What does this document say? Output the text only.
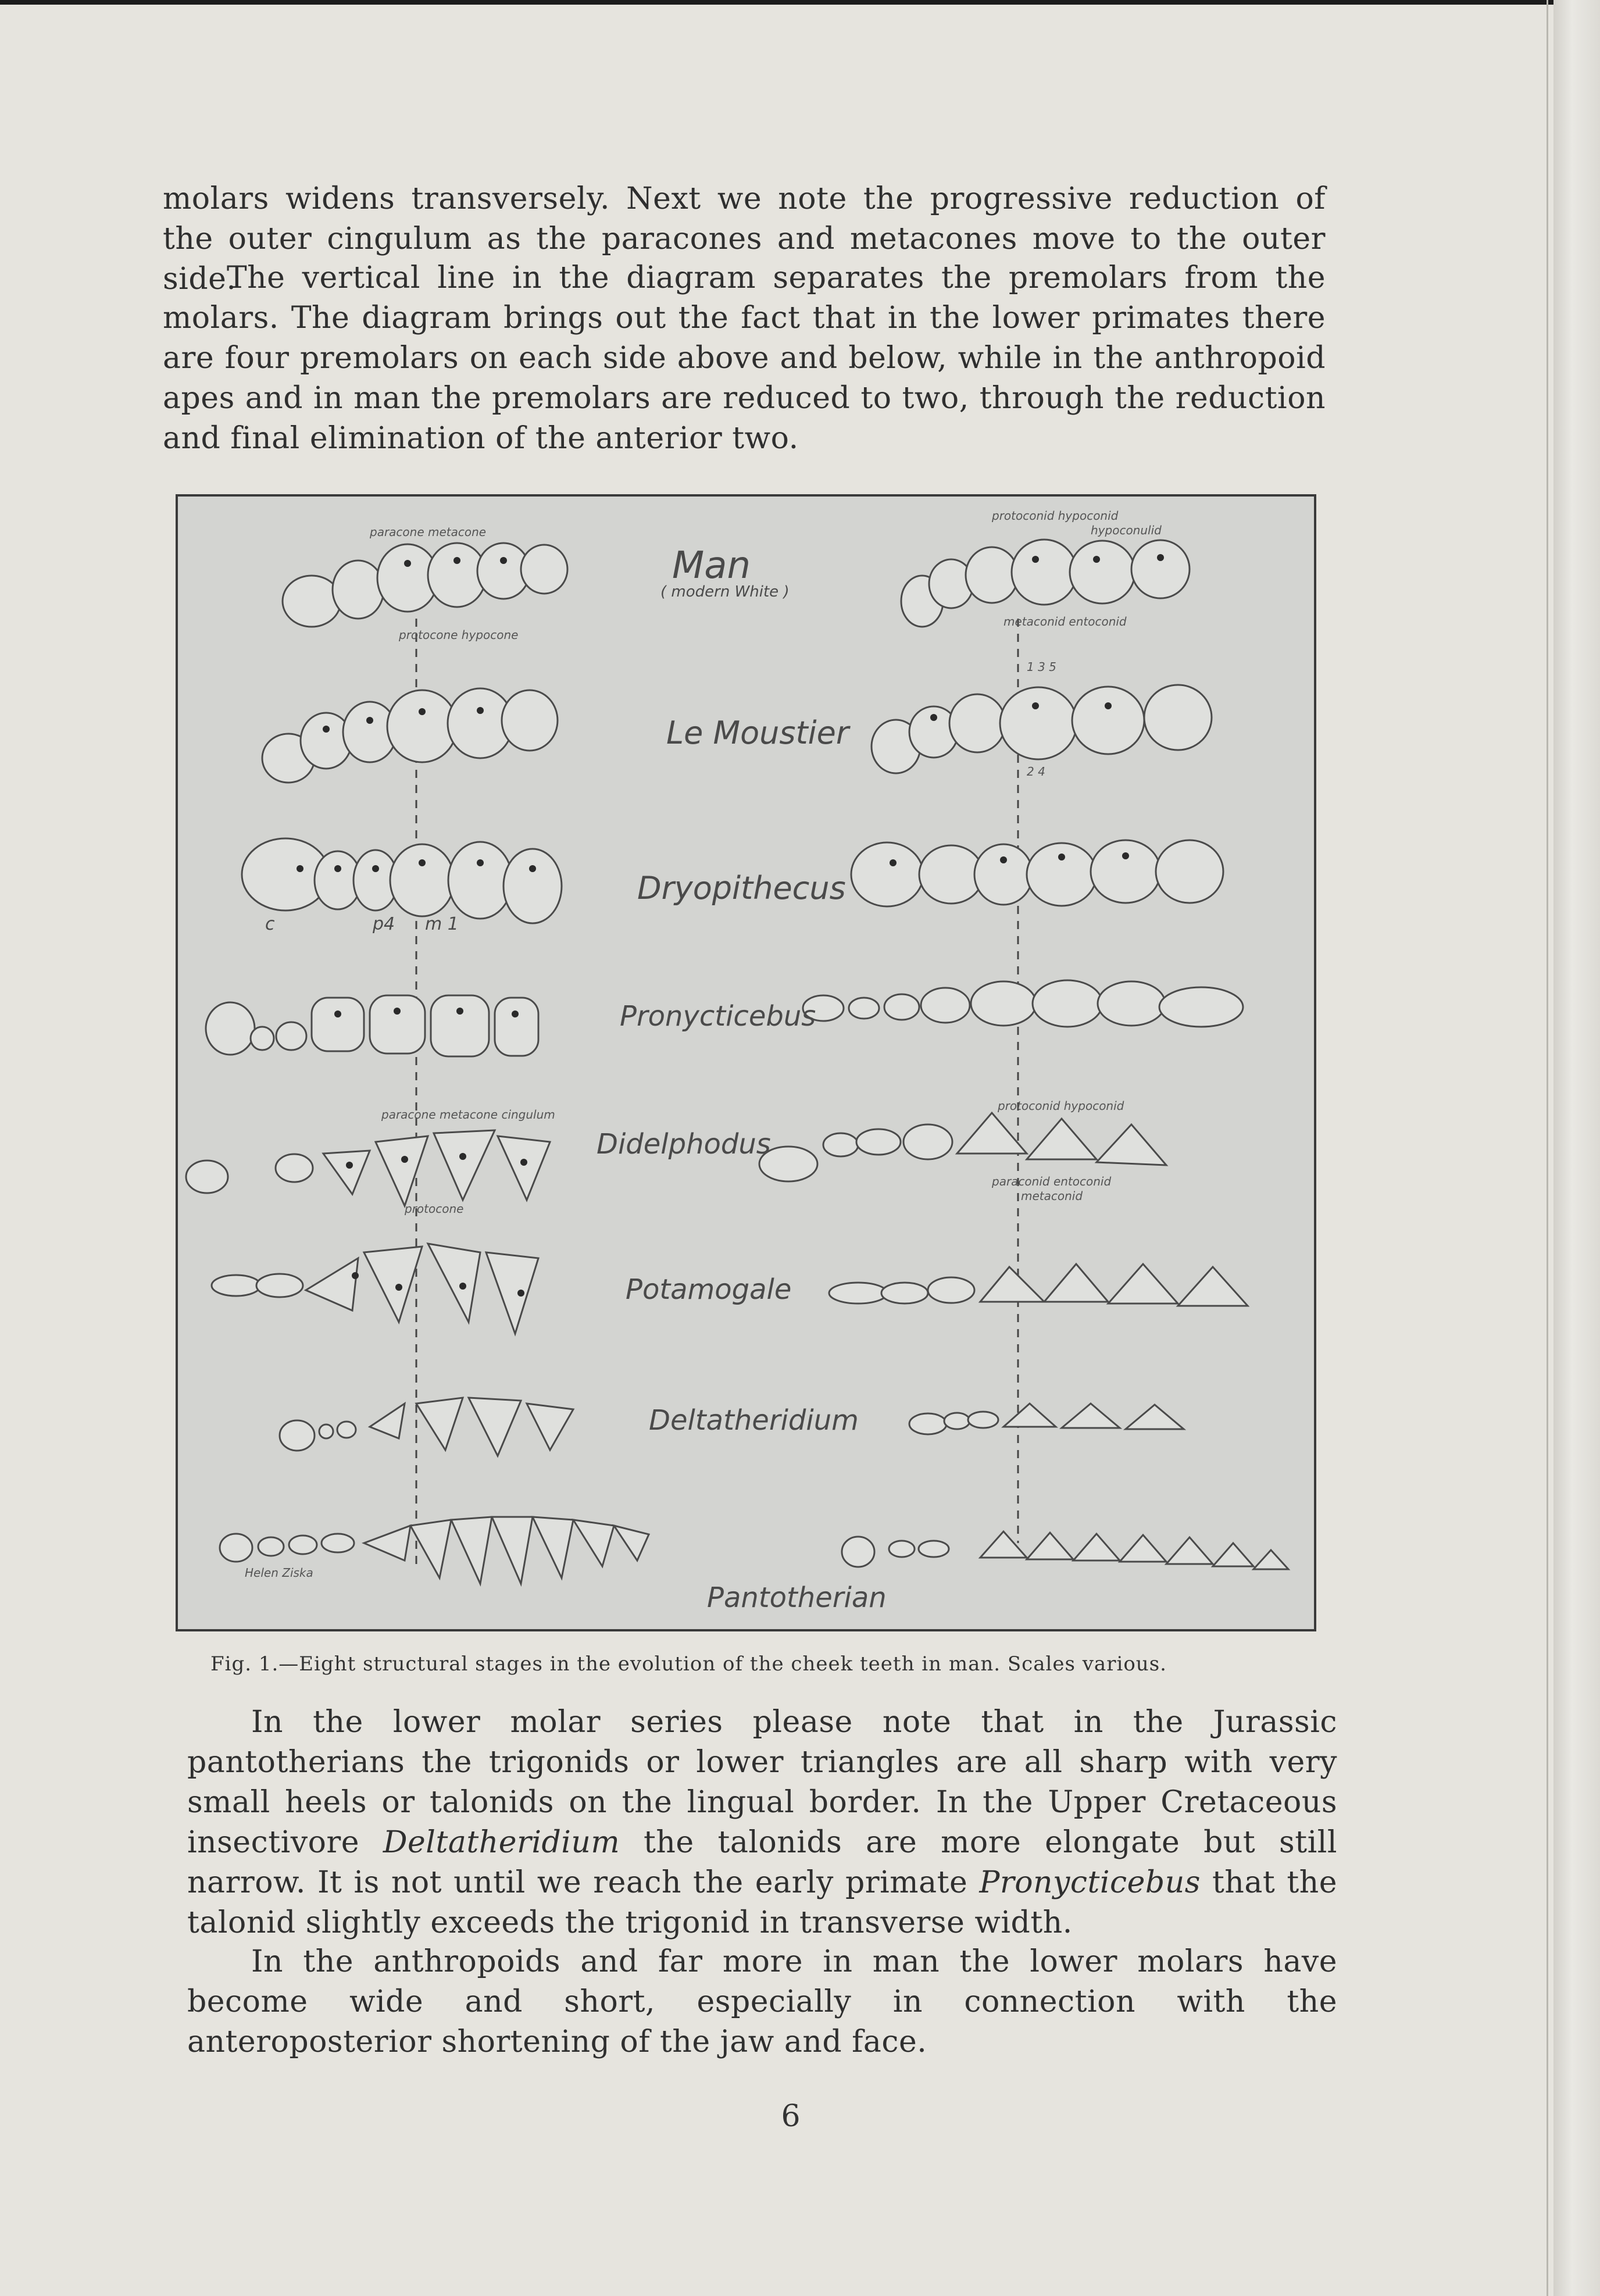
molars widens transversely. Next we note the progressive reduction of the outer cingulum as the paracones and metacones move to the outer side.

The vertical line in the diagram separates the premolars from the molars. The diagram brings out the fact that in the lower primates there are four premolars on each side above and below, while in the anthropoid apes and in man the premolars are reduced to two, through the reduction and final elimination of the anterior two.

Man
( modern White )
paracone metacone
protocone hypocone
protoconid hypoconid
hypoconulid
metaconid entoconid
1 3 5
2 4
Le Moustier
Dryopithecus
c	p4 m 1
Pronycticebus
Didelphodus
paracone metacone cingulum
protocone
protoconid hypoconid
paraconid entoconid
metaconid
Potamogale
Deltatheridium
Pantotherian
Helen Ziska
Fig. 1.—Eight structural stages in the evolution of the cheek teeth in man. Scales various.

In the lower molar series please note that in the Jurassic pantotherians the trigonids or lower triangles are all sharp with very small heels or talonids on the lingual border. In the Upper Cretaceous insectivore Deltatheridium the talonids are more elongate but still narrow. It is not until we reach the early primate Pronycticebus that the talonid slightly exceeds the trigonid in transverse width.

In the anthropoids and far more in man the lower molars have become wide and short, especially in connection with the anteroposterior shortening of the jaw and face.

6
